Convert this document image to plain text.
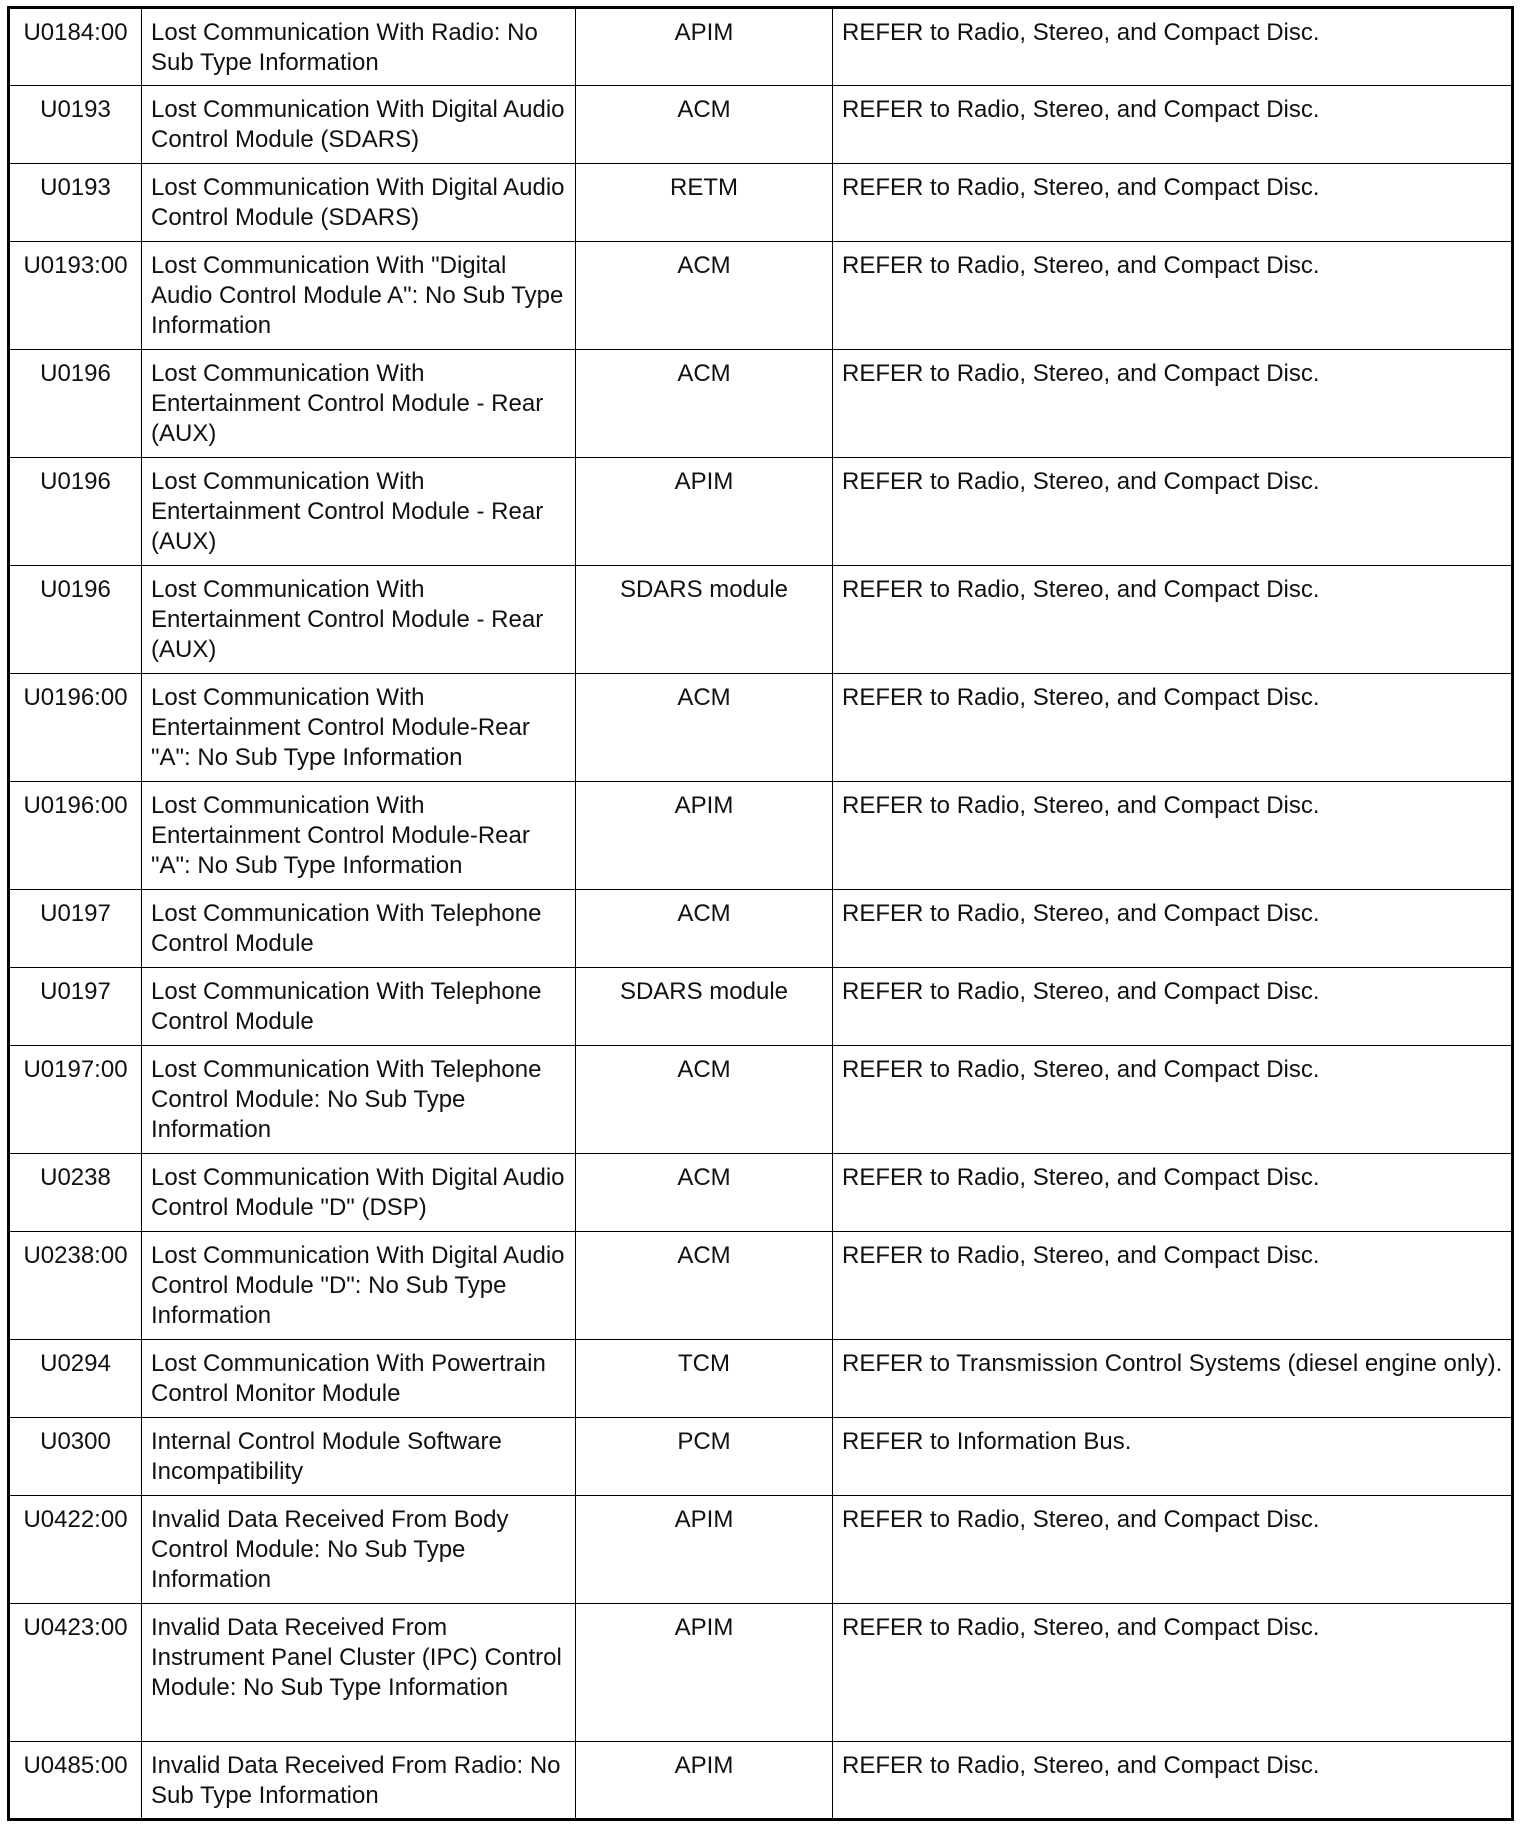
U0184:00	Lost Communication With Radio: No Sub Type Information	APIM	REFER to Radio, Stereo, and Compact Disc.
U0193	Lost Communication With Digital Audio Control Module (SDARS)	ACM	REFER to Radio, Stereo, and Compact Disc.
U0193	Lost Communication With Digital Audio Control Module (SDARS)	RETM	REFER to Radio, Stereo, and Compact Disc.
U0193:00	Lost Communication With "Digital Audio Control Module A": No Sub Type Information	ACM	REFER to Radio, Stereo, and Compact Disc.
U0196	Lost Communication With Entertainment Control Module - Rear (AUX)	ACM	REFER to Radio, Stereo, and Compact Disc.
U0196	Lost Communication With Entertainment Control Module - Rear (AUX)	APIM	REFER to Radio, Stereo, and Compact Disc.
U0196	Lost Communication With Entertainment Control Module - Rear (AUX)	SDARS module	REFER to Radio, Stereo, and Compact Disc.
U0196:00	Lost Communication With Entertainment Control Module-Rear "A": No Sub Type Information	ACM	REFER to Radio, Stereo, and Compact Disc.
U0196:00	Lost Communication With Entertainment Control Module-Rear "A": No Sub Type Information	APIM	REFER to Radio, Stereo, and Compact Disc.
U0197	Lost Communication With Telephone Control Module	ACM	REFER to Radio, Stereo, and Compact Disc.
U0197	Lost Communication With Telephone Control Module	SDARS module	REFER to Radio, Stereo, and Compact Disc.
U0197:00	Lost Communication With Telephone Control Module: No Sub Type Information	ACM	REFER to Radio, Stereo, and Compact Disc.
U0238	Lost Communication With Digital Audio Control Module "D" (DSP)	ACM	REFER to Radio, Stereo, and Compact Disc.
U0238:00	Lost Communication With Digital Audio Control Module "D": No Sub Type Information	ACM	REFER to Radio, Stereo, and Compact Disc.
U0294	Lost Communication With Powertrain Control Monitor Module	TCM	REFER to Transmission Control Systems (diesel engine only).
U0300	Internal Control Module Software Incompatibility	PCM	REFER to Information Bus.
U0422:00	Invalid Data Received From Body Control Module: No Sub Type Information	APIM	REFER to Radio, Stereo, and Compact Disc.
U0423:00	Invalid Data Received From Instrument Panel Cluster (IPC) Control Module: No Sub Type Information	APIM	REFER to Radio, Stereo, and Compact Disc.
U0485:00	Invalid Data Received From Radio: No Sub Type Information	APIM	REFER to Radio, Stereo, and Compact Disc.
